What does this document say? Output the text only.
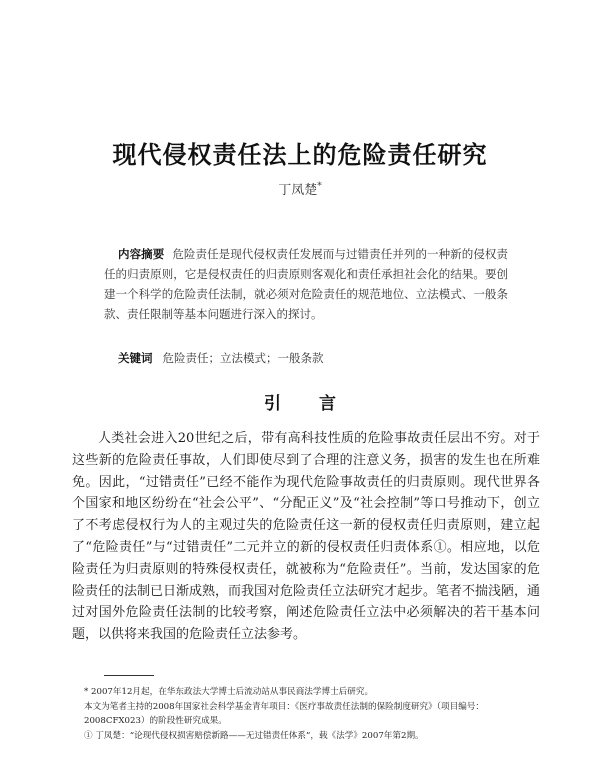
现代侵权责任法上的危险责任研究
丁凤楚*
内容摘要 危险责任是现代侵权责任发展而与过错责任并列的一种新的侵权责任的归责原则，它是侵权责任的归责原则客观化和责任承担社会化的结果。要创建一个科学的危险责任法制，就必须对危险责任的规范地位、立法模式、一般条款、责任限制等基本问题进行深入的探讨。
关键词 危险责任；立法模式；一般条款
引言
人类社会进入20世纪之后，带有高科技性质的危险事故责任层出不穷。对于这些新的危险责任事故，人们即使尽到了合理的注意义务，损害的发生也在所难免。因此，“过错责任”已经不能作为现代危险事故责任的归责原则。现代世界各个国家和地区纷纷在“社会公平”、“分配正义”及“社会控制”等口号推动下，创立了不考虑侵权行为人的主观过失的危险责任这一新的侵权责任归责原则，建立起了“危险责任”与“过错责任”二元并立的新的侵权责任归责体系①。相应地，以危险责任为归责原则的特殊侵权责任，就被称为“危险责任”。当前，发达国家的危险责任的法制已日渐成熟，而我国对危险责任立法研究才起步。笔者不揣浅陋，通过对国外危险责任法制的比较考察，阐述危险责任立法中必须解决的若干基本问题，以供将来我国的危险责任立法参考。

* 2007年12月起，在华东政法大学博士后流动站从事民商法学博士后研究。

本文为笔者主持的2008年国家社会科学基金青年项目：《医疗事故责任法制的保险制度研究》（项目编号：2008CFX023）的阶段性研究成果。

① 丁凤楚：“论现代侵权损害赔偿新路——无过错责任体系”，载《法学》2007年第2期。
